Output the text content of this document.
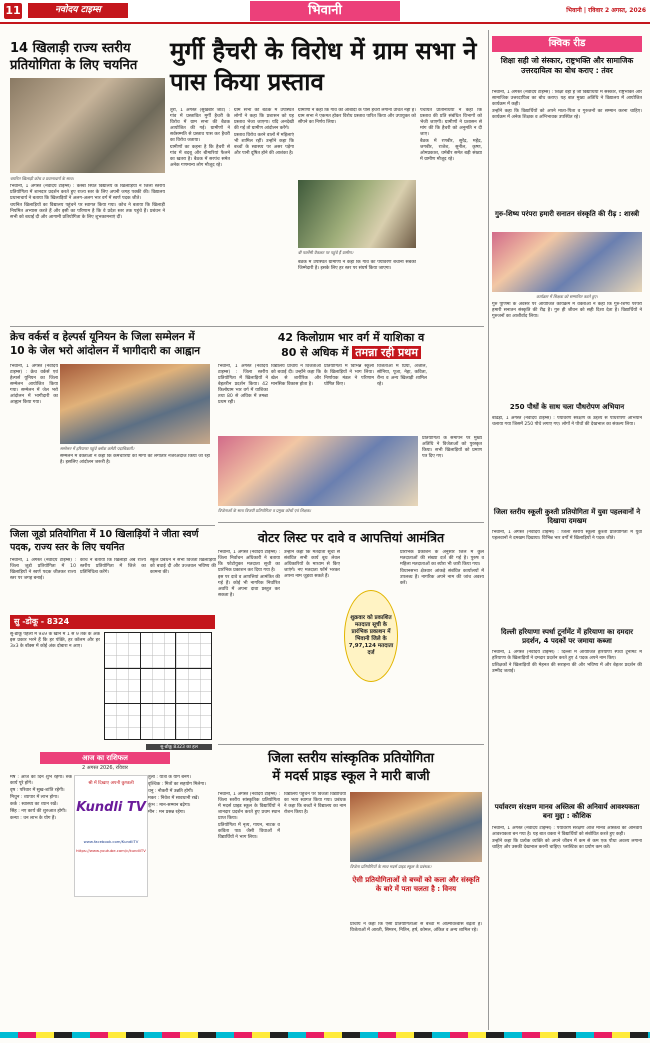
11	नवोदय टाइम्स	भिवानी	भिवानी | रविवार 2 अगस्त, 2026
14 खिलाड़ी राज्य स्तरीय प्रतियोगिता के लिए चयनित
चयनित खिलाड़ी कोच व प्रधानाचार्य के साथ।

भिवानी, 1 अगस्त (नवोदय टाइम्स) : कस्बा स्थित विद्यालय के खिलाड़ियों ने जिला स्तरीय प्रतियोगिता में शानदार प्रदर्शन करते हुए राज्य स्तर के लिए अपनी जगह पक्की की। विद्यालय प्रधानाचार्य ने बताया कि खिलाड़ियों ने अलग-अलग भार वर्ग में स्वर्ण पदक जीते।

चयनित खिलाड़ियों का विद्यालय पहुंचने पर स्वागत किया गया। कोच ने बताया कि खिलाड़ी नियमित अभ्यास करते हैं और इसी का परिणाम है कि वे प्रदेश स्तर तक पहुंचे हैं। प्रबंधन ने सभी को बधाई दी और आगामी प्रतियोगिता के लिए शुभकामनाएं दीं।

मुर्गी हैचरी के विरोध में ग्राम सभा ने पास किया प्रस्ताव

तूरी, 1 अगस्त (सुखबीर जाट) : गांव में प्रस्तावित मुर्गी हैचरी के विरोध में ग्राम सभा की बैठक आयोजित की गई। ग्रामीणों ने सर्वसम्मति से प्रस्ताव पास कर हैचरी का विरोध जताया।

ग्रामीणों का कहना है कि हैचरी से गांव में बदबू और बीमारियां फैलने का खतरा है। बैठक में सरपंच समेत अनेक गणमान्य लोग मौजूद रहे।

ग्राम सभा की बैठक में उपस्थित लोगों ने कहा कि प्रशासन को यह प्रस्ताव भेजा जाएगा। यदि अनदेखी की गई तो ग्रामीण आंदोलन करेंगे।

प्रस्ताव विरोध करने वालों में महिलाएं भी शामिल रहीं। उन्होंने कहा कि बच्चों के स्वास्थ्य पर असर पड़ेगा और पानी दूषित होने की आशंका है।

बी फार्मेसी वैकलट पर पहुंचे हैं ग्रामीण।

ग्रामीणों ने कहा कि गांव की आबादी के पास हैचरी लगाना उचित नहीं है। ग्राम सभा ने एकमत होकर विरोध प्रस्ताव पारित किया और उपायुक्त को सौंपने का निर्णय लिया।

बैठक में उपस्थित ग्रामीणों ने कहा कि गांव का पर्यावरण बचाना सबकी जिम्मेदारी है। इसके लिए हर स्तर पर संघर्ष किया जाएगा।

पंचायत प्रतिनिधियों ने कहा कि प्रस्ताव की प्रति संबंधित विभागों को भेजी जाएगी। ग्रामीणों ने प्रशासन से मांग की कि हैचरी को अनुमति न दी जाए।

बैठक में रणबीर, सुरेंद्र, महेंद्र, जगबीर, राजेश, सुनील, कृष्ण, ओमप्रकाश, धर्मबीर समेत बड़ी संख्या में ग्रामीण मौजूद रहे।

क्रेच वर्कर्स व हेल्पर्स यूनियन के जिला सम्मेलन में 10 के जेल भरो आंदोलन में भागीदारी का आह्वान

भिवानी, 1 अगस्त (नवोदय टाइम्स) : क्रेच वर्कर्स एवं हेल्पर्स यूनियन का जिला सम्मेलन आयोजित किया गया। सम्मेलन में जेल भरो आंदोलन में भागीदारी का आह्वान किया गया।

सम्मेलन में हरियाणा पहुंचे ब्लॉक कमेटी पदाधिकारी।

सम्मेलन में वक्ताओं ने कहा कि कर्मचारियों की मांगों को लगातार नजरअंदाज किया जा रहा है। इसलिए आंदोलन जरूरी है।

42 किलोग्राम भार वर्ग में याशिका व
80 से अधिक में तमन्ना रही प्रथम

भिवानी, 1 अगस्त (नवोदय टाइम्स) : जिला स्तरीय प्रतियोगिता में खिलाड़ियों ने बेहतरीन प्रदर्शन किया। 42 किलोग्राम भार वर्ग में याशिका तथा 80 से अधिक में तमन्ना प्रथम रही।

विद्यालय प्राचार्य ने विजेताओं को बधाई दी। उन्होंने कहा कि खेल से शारीरिक और मानसिक विकास होता है।

प्रतियोगिता में विभिन्न स्कूलों के खिलाड़ियों ने भाग लिया। निर्णायक मंडल ने परिणाम घोषित किए।

विजेताओं में प्रिया, अंजलि, सोनिया, पूजा, नेहा, कविता, रीना व अन्य खिलाड़ी शामिल रहे।

विजेताओं के साथ विजयी प्रतियोगिता व प्रमुख कोचों एवं शिक्षक।

प्रतियोगिता के समापन पर मुख्य अतिथि ने विजेताओं को पुरस्कृत किया। सभी खिलाड़ियों को प्रमाण पत्र दिए गए।

जिला जूडो प्रतियोगिता में 10 खिलाड़ियों ने जीता स्वर्ण पदक, राज्य स्तर के लिए चयनित

भिवानी, 1 अगस्त (नवोदय टाइम्स) : जिला जूडो प्रतियोगिता में 10 खिलाड़ियों ने स्वर्ण पदक जीतकर राज्य स्तर पर जगह बनाई।

कोच ने बताया कि खिलाड़ी अब राज्य स्तरीय प्रतियोगिता में जिले का प्रतिनिधित्व करेंगे।

स्कूल प्रबंधन ने सभी विजेता खिलाड़ियों को बधाई दी और उज्जवल भविष्य की कामना की।

सु -डोकू - 8324

सु-डोकू पहेली में 9x9 के खाने में 1 से 9 तक के अंक इस प्रकार भरने हैं कि हर पंक्ति, हर कॉलम और हर 3x3 के बॉक्स में कोई अंक दोबारा न आए।

सु-डोकू 8323 का हल
वोटर लिस्ट पर दावे व आपत्तियां आमंत्रित

भिवानी, 1 अगस्त (नवोदय टाइम्स) : जिला निर्वाचन अधिकारी ने बताया कि फोटोयुक्त मतदाता सूची का प्रारंभिक प्रकाशन कर दिया गया है।

इस पर दावे व आपत्तियां आमंत्रित की गई हैं। कोई भी नागरिक निर्धारित अवधि में अपना दावा प्रस्तुत कर सकता है।

उन्होंने कहा कि मतदाता सूची से संबंधित सभी कार्य बूथ लेवल अधिकारियों के माध्यम से किए जाएंगे। नए मतदाता फॉर्म भरकर अपना नाम जुड़वा सकते हैं।

शुक्रवार को प्रकाशित मतदाता सूची के प्रारंभिक प्रकाशन में भिवानी जिले के 7,97,124 मतदाता दर्ज

प्रारंभिक प्रकाशन के अनुसार जिले में कुल मतदाताओं की संख्या दर्ज की गई है। पुरुष व महिला मतदाताओं का ब्योरा भी जारी किया गया।

विधानसभा क्षेत्रवार आंकड़े संबंधित कार्यालयों में उपलब्ध हैं। नागरिक अपने नाम की जांच अवश्य करें।

आज का राशिफल
2 अगस्त 2026, रविवार

मेष : आज का दिन शुभ रहेगा। रुके कार्य पूरे होंगे।

वृष : परिवार में सुख-शांति रहेगी।

मिथुन : व्यापार में लाभ होगा।

कर्क : स्वास्थ्य का ध्यान रखें।

सिंह : नए कार्य की शुरुआत होगी।

कन्या : धन लाभ के योग हैं।

श्री में दिखाए अपनी कुण्डली
Kundli TV
www.facebook.com/KundliTV
https://www.youtube.com/c/kundliTV

तुला : यात्रा के योग बनेंगे।

वृश्चिक : मित्रों का सहयोग मिलेगा।

धनु : नौकरी में उन्नति होगी।

मकर : निवेश में सावधानी रखें।

कुंभ : मान-सम्मान बढ़ेगा।

मीन : मन प्रसन्न रहेगा।

जिला स्तरीय सांस्कृतिक प्रतियोगिता
में मदर्स प्राइड स्कूल ने मारी बाजी

भिवानी, 1 अगस्त (नवोदय टाइम्स) : जिला स्तरीय सांस्कृतिक प्रतियोगिता में मदर्स प्राइड स्कूल के विद्यार्थियों ने शानदार प्रदर्शन करते हुए प्रथम स्थान प्राप्त किया।

प्रतियोगिता में नृत्य, गायन, नाटक व कविता पाठ जैसी विधाओं में विद्यार्थियों ने भाग लिया।

विद्यालय पहुंचने पर विजेता विद्यार्थियों का भव्य स्वागत किया गया। प्रबंधक ने कहा कि बच्चों ने विद्यालय का नाम रोशन किया है।

विजेता प्रतियोगियों के साथ मदर्स प्राइड स्कूल के प्रबंधक।
ऐसी प्रतियोगिताओं से बच्चों को कला और संस्कृति के बारे में पता चलता है : विनय

प्राचार्य ने कहा कि ऐसी प्रतियोगिताओं से बच्चों में आत्मविश्वास बढ़ता है। विजेताओं में आरती, सिमरन, नितिन, हर्ष, कोमल, अंकित व अन्य शामिल रहे।

क्विक रीड
शिक्षा सही जो संस्कार, राष्ट्रभक्ति और सामाजिक उत्तरदायित्व का बोध कराए : तंवर

भिवानी, 1 अगस्त (नवोदय टाइम्स) : शिक्षा वही है जो विद्यार्थियों में संस्कार, राष्ट्रभक्ति और सामाजिक उत्तरदायित्व का बोध कराए। यह बात मुख्य अतिथि ने विद्यालय में आयोजित कार्यक्रम में कही।

उन्होंने कहा कि विद्यार्थियों को अपने माता-पिता व गुरुजनों का सम्मान करना चाहिए। कार्यक्रम में अनेक शिक्षक व अभिभावक उपस्थित रहे।

गुरु-शिष्य परंपरा हमारी सनातन संस्कृति की रीढ़ : शास्त्री
कार्यक्रम में शिक्षक को सम्मानित करते हुए।

गुरु पूर्णिमा के अवसर पर आयोजित कार्यक्रम में वक्ताओं ने कहा कि गुरु-शिष्य परंपरा हमारी सनातन संस्कृति की रीढ़ है। गुरु ही जीवन को सही दिशा देता है। विद्यार्थियों ने गुरुजनों का आशीर्वाद लिया।

250 पौधों के साथ चला पौधरोपण अभियान

बाढड़ा, 1 अगस्त (नवोदय टाइम्स) : पर्यावरण संरक्षण के उद्देश्य से पौधरोपण अभियान चलाया गया जिसमें 250 पौधे लगाए गए। लोगों ने पौधों की देखभाल का संकल्प लिया।

जिला स्तरीय स्कूली कुश्ती प्रतियोगिता में युवा पहलवानों ने दिखाया दमखम

भिवानी, 1 अगस्त (नवोदय टाइम्स) : जिला स्तरीय स्कूली कुश्ती प्रतियोगिता में युवा पहलवानों ने दमखम दिखाया। विभिन्न भार वर्गों में खिलाड़ियों ने पदक जीते।

दिल्ली हरियाणा स्पर्धा टूर्नामेंट में हरियाणा का दमदार प्रदर्शन, 4 पदकों पर जमाया कब्जा

भिवानी, 1 अगस्त (नवोदय टाइम्स) : दिल्ली में आयोजित हरियाणा स्पर्धा टूर्नामेंट में हरियाणा के खिलाड़ियों ने दमदार प्रदर्शन करते हुए 4 पदक अपने नाम किए।

प्रशिक्षकों ने खिलाड़ियों की मेहनत की सराहना की और भविष्य में और बेहतर प्रदर्शन की उम्मीद जताई।

पर्यावरण संरक्षण मानव अस्तित्व की अनिवार्य आवश्यकता बना मुद्दा : कौशिक

भिवानी, 1 अगस्त (नवोदय टाइम्स) : पर्यावरण संरक्षण आज मानव अस्तित्व की अनिवार्य आवश्यकता बन गया है। यह बात वक्ता ने विद्यार्थियों को संबोधित करते हुए कही।

उन्होंने कहा कि प्रत्येक व्यक्ति को अपने जीवन में कम से कम एक पौधा अवश्य लगाना चाहिए और उसकी देखभाल करनी चाहिए। प्लास्टिक का प्रयोग कम करें।
